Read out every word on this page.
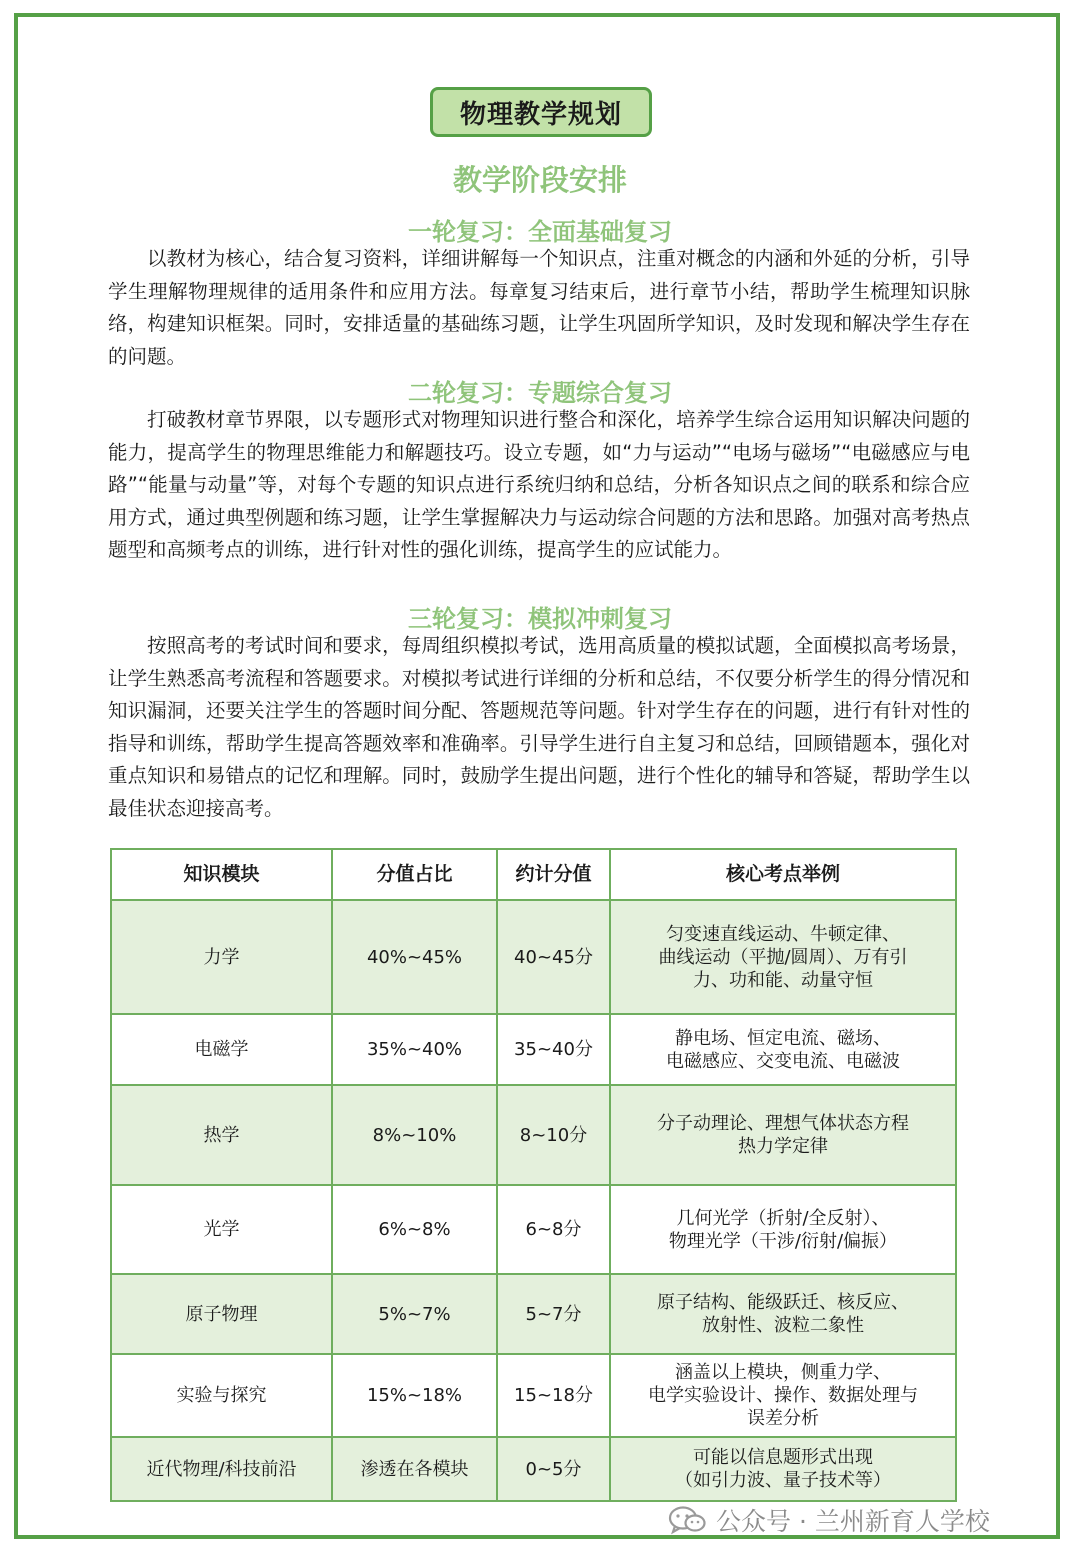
物理教学规划
教学阶段安排
一轮复习：全面基础复习

以教材为核心，结合复习资料，详细讲解每一个知识点，注重对概念的内涵和外延的分析，引导学生理解物理规律的适用条件和应用方法。每章复习结束后，进行章节小结，帮助学生梳理知识脉络，构建知识框架。同时，安排适量的基础练习题，让学生巩固所学知识，及时发现和解决学生存在的问题。

二轮复习：专题综合复习

打破教材章节界限，以专题形式对物理知识进行整合和深化，培养学生综合运用知识解决问题的能力，提高学生的物理思维能力和解题技巧。设立专题，如“力与运动”“电场与磁场”“电磁感应与电路”“能量与动量”等，对每个专题的知识点进行系统归纳和总结，分析各知识点之间的联系和综合应用方式，通过典型例题和练习题，让学生掌握解决力与运动综合问题的方法和思路。加强对高考热点题型和高频考点的训练，进行针对性的强化训练，提高学生的应试能力。

三轮复习：模拟冲刺复习

按照高考的考试时间和要求，每周组织模拟考试，选用高质量的模拟试题，全面模拟高考场景，让学生熟悉高考流程和答题要求。对模拟考试进行详细的分析和总结，不仅要分析学生的得分情况和知识漏洞，还要关注学生的答题时间分配、答题规范等问题。针对学生存在的问题，进行有针对性的指导和训练，帮助学生提高答题效率和准确率。引导学生进行自主复习和总结，回顾错题本，强化对重点知识和易错点的记忆和理解。同时，鼓励学生提出问题，进行个性化的辅导和答疑，帮助学生以最佳状态迎接高考。

知识模块	分值占比	约计分值	核心考点举例
力学	40%~45%	40~45分	匀变速直线运动、牛顿定律、
曲线运动（平抛/圆周）、万有引
力、功和能、动量守恒

电磁学	35%~40%	35~40分	静电场、恒定电流、磁场、
电磁感应、交变电流、电磁波

热学	8%~10%	8~10分	分子动理论、理想气体状态方程
热力学定律

光学	6%~8%	6~8分	几何光学（折射/全反射）、
物理光学（干涉/衍射/偏振）

原子物理	5%~7%	5~7分	原子结构、能级跃迁、核反应、
放射性、波粒二象性

实验与探究	15%~18%	15~18分	涵盖以上模块，侧重力学、
电学实验设计、操作、数据处理与
误差分析

近代物理/科技前沿	渗透在各模块	0~5分	可能以信息题形式出现
（如引力波、量子技术等）
公众号 · 兰州新育人学校
